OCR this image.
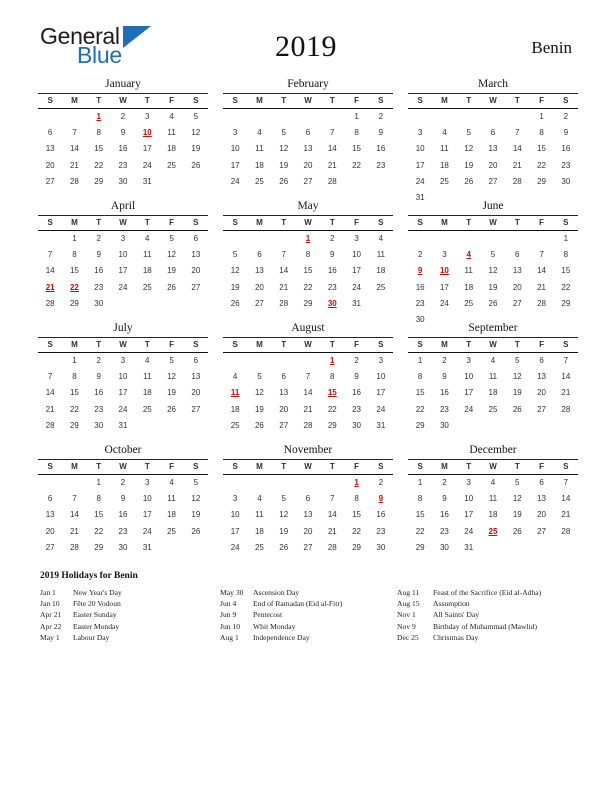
General
Blue	2019	Benin
January
S	M	T	W	T	F	S
		1	2	3	4	5
6	7	8	9	10	11	12
13	14	15	16	17	18	19
20	21	22	23	24	25	26
27	28	29	30	31		

February
S	M	T	W	T	F	S
					1	2
3	4	5	6	7	8	9
10	11	12	13	14	15	16
17	18	19	20	21	22	23
24	25	26	27	28		

March
S	M	T	W	T	F	S
					1	2
3	4	5	6	7	8	9
10	11	12	13	14	15	16
17	18	19	20	21	22	23
24	25	26	27	28	29	30
31						
April
S	M	T	W	T	F	S
	1	2	3	4	5	6
7	8	9	10	11	12	13
14	15	16	17	18	19	20
21	22	23	24	25	26	27
28	29	30				

May
S	M	T	W	T	F	S
			1	2	3	4
5	6	7	8	9	10	11
12	13	14	15	16	17	18
19	20	21	22	23	24	25
26	27	28	29	30	31	

June
S	M	T	W	T	F	S
						1
2	3	4	5	6	7	8
9	10	11	12	13	14	15
16	17	18	19	20	21	22
23	24	25	26	27	28	29
30						
July
S	M	T	W	T	F	S
	1	2	3	4	5	6
7	8	9	10	11	12	13
14	15	16	17	18	19	20
21	22	23	24	25	26	27
28	29	30	31			

August
S	M	T	W	T	F	S
				1	2	3
4	5	6	7	8	9	10
11	12	13	14	15	16	17
18	19	20	21	22	23	24
25	26	27	28	29	30	31

September
S	M	T	W	T	F	S
1	2	3	4	5	6	7
8	9	10	11	12	13	14
15	16	17	18	19	20	21
22	23	24	25	26	27	28
29	30					

October
S	M	T	W	T	F	S
		1	2	3	4	5
6	7	8	9	10	11	12
13	14	15	16	17	18	19
20	21	22	23	24	25	26
27	28	29	30	31		

November
S	M	T	W	T	F	S
					1	2
3	4	5	6	7	8	9
10	11	12	13	14	15	16
17	18	19	20	21	22	23
24	25	26	27	28	29	30

December
S	M	T	W	T	F	S
1	2	3	4	5	6	7
8	9	10	11	12	13	14
15	16	17	18	19	20	21
22	23	24	25	26	27	28
29	30	31				

2019 Holidays for Benin
Jan 1	New Year's Day
Jan 10	Fête 20 Vodoun
Apr 21	Easter Sunday
Apr 22	Easter Monday
May 1	Labour Day
May 30	Ascension Day
Jun 4	End of Ramadan (Eid al-Fitr)
Jun 9	Pentecost
Jun 10	Whit Monday
Aug 1	Independence Day
Aug 11	Feast of the Sacrifice (Eid al-Adha)
Aug 15	Assumption
Nov 1	All Saints' Day
Nov 9	Birthday of Muhammad (Mawlid)
Dec 25	Christmas Day
